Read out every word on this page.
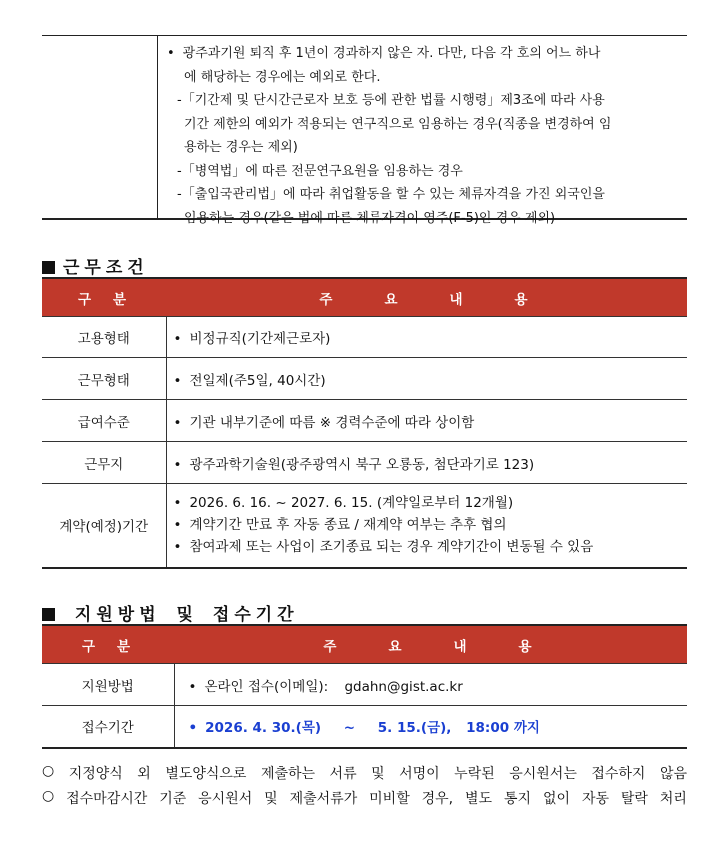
• 광주과기원 퇴직 후 1년이 경과하지 않은 자. 다만, 다음 각 호의 어느 하나
에 해당하는 경우에는 예외로 한다.
-「기간제 및 단시간근로자 보호 등에 관한 법률 시행령」제3조에 따라 사용
기간 제한의 예외가 적용되는 연구직으로 임용하는 경우(직종을 변경하여 임
용하는 경우는 제외)
-「병역법」에 따른 전문연구요원을 임용하는 경우
-「출입국관리법」에 따라 취업활동을 할 수 있는 체류자격을 가진 외국인을
임용하는 경우(같은 법에 따른 체류자격이 영주(F-5)인 경우 제외)
근무조건
구분	주요내용
고용형태	• 비정규직(기간제근로자)
근무형태	• 전일제(주5일, 40시간)
급여수준	• 기관 내부기준에 따름 ※ 경력수준에 따라 상이함
근무지	• 광주과학기술원(광주광역시 북구 오룡동, 첨단과기로 123)
계약(예정)기간	• 2026. 6. 16. ~ 2027. 6. 15. (계약일로부터 12개월)
• 계약기간 만료 후 자동 종료 / 재계약 여부는 추후 협의
• 참여과제 또는 사업이 조기종료 되는 경우 계약기간이 변동될 수 있음
지원방법 및 접수기간
구분	주요내용
지원방법	• 온라인 접수(이메일): gdahn@gist.ac.kr
접수기간	• 2026. 4. 30.(목) ~ 5. 15.(금), 18:00 까지
○ 지정양식 외 별도양식으로 제출하는 서류 및 서명이 누락된 응시원서는 접수하지 않음
○ 접수마감시간 기준 응시원서 및 제출서류가 미비할 경우, 별도 통지 없이 자동 탈락 처리
